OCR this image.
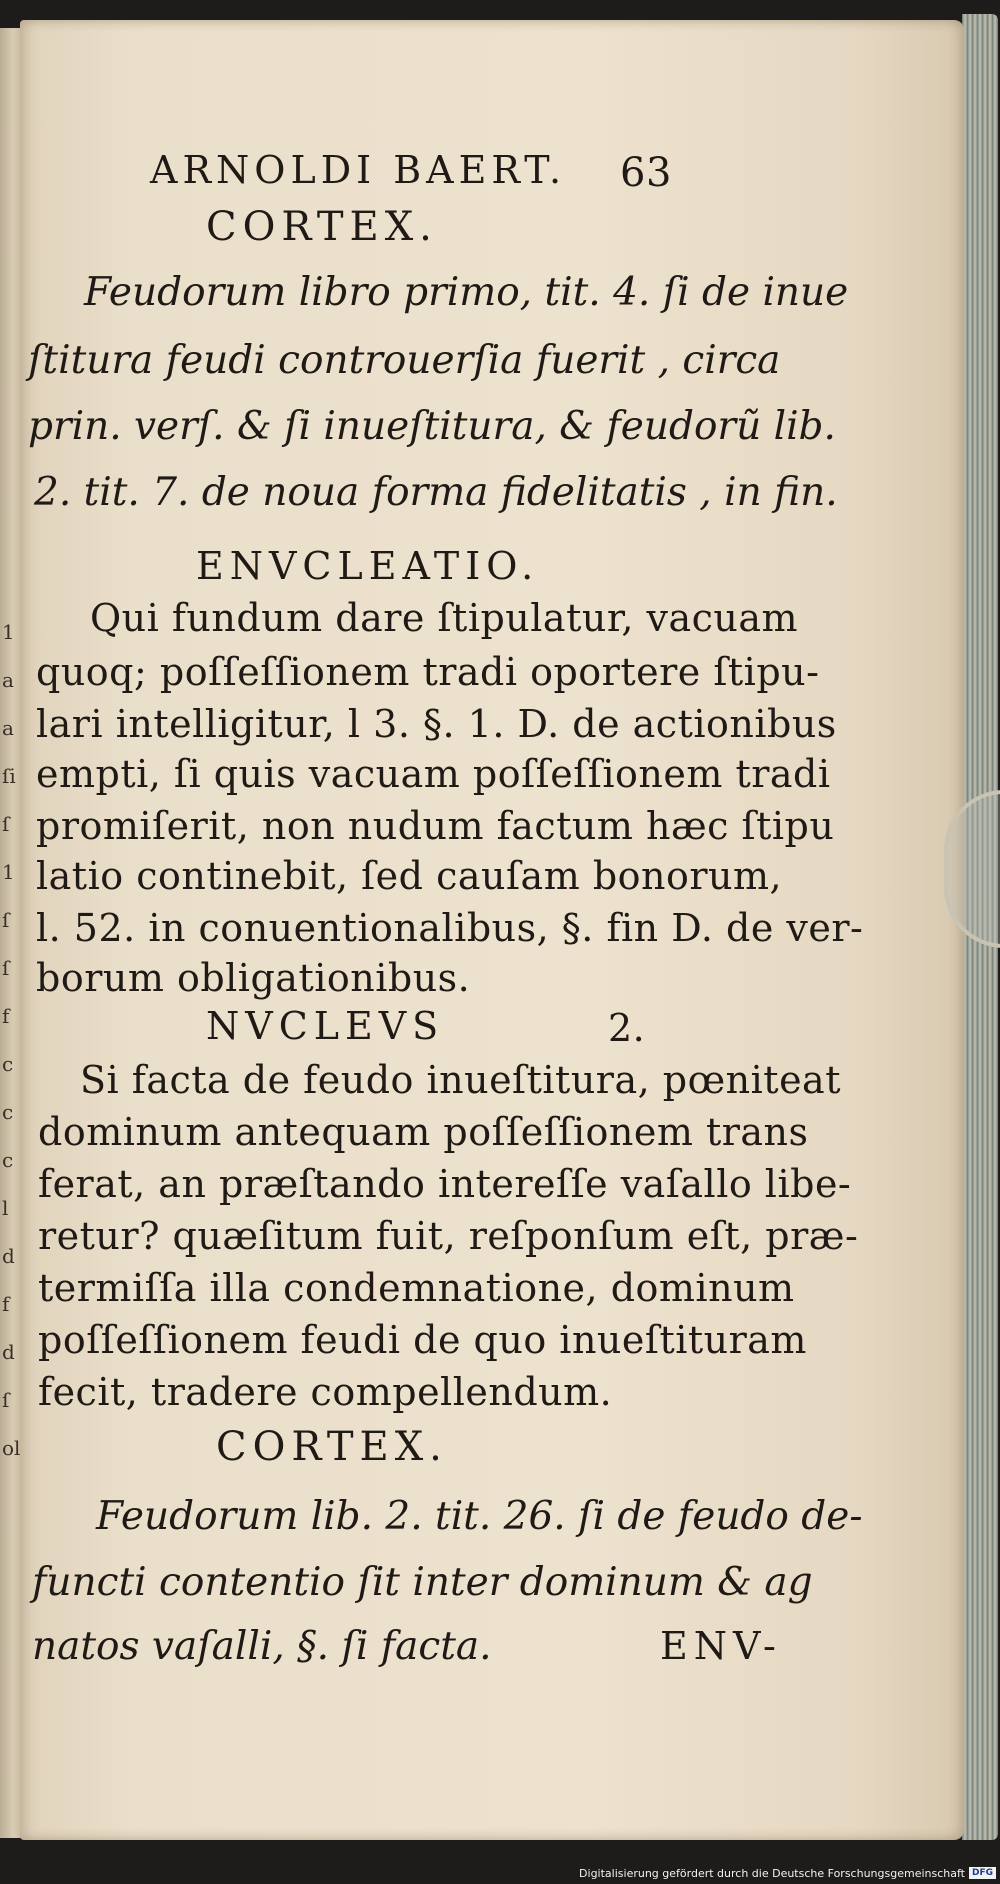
1
a
a
ſi
ſ
1
ſ
ſ
f
c
c
c
l
d
f
d
ſ
ol
ARNOLDI BAERT. 63
CORTEX.
Feudorum libro primo, tit. 4. ſi de inue
ſtitura feudi controuerſia fuerit , circa
prin. verſ. & ſi inueſtitura, & feudorũ lib.
2. tit. 7. de noua forma fidelitatis , in fin.
ENVCLEATIO.
Qui fundum dare ſtipulatur, vacuam
quoq; poſſeſſionem tradi oportere ſtipu-
lari intelligitur, l 3. §. 1. D. de actionibus
empti, ſi quis vacuam poſſeſſionem tradi
promiſerit, non nudum factum hæc ſtipu
latio continebit, ſed cauſam bonorum,
l. 52. in conuentionalibus, §. fin D. de ver-
borum obligationibus.
NVCLEVS	2.
Si facta de feudo inueſtitura, pœniteat
dominum antequam poſſeſſionem trans
ferat, an præſtando intereſſe vaſallo libe-
retur? quæſitum fuit, reſponſum eſt, præ-
termiſſa illa condemnatione, dominum
poſſeſſionem feudi de quo inueſtituram
fecit, tradere compellendum.
CORTEX.
Feudorum lib. 2. tit. 26. ſi de feudo de-
functi contentio ſit inter dominum & ag
natos vaſalli, §. ſi facta.	ENV-
Digitalisierung gefördert durch die Deutsche Forschungsgemeinschaft DFG
